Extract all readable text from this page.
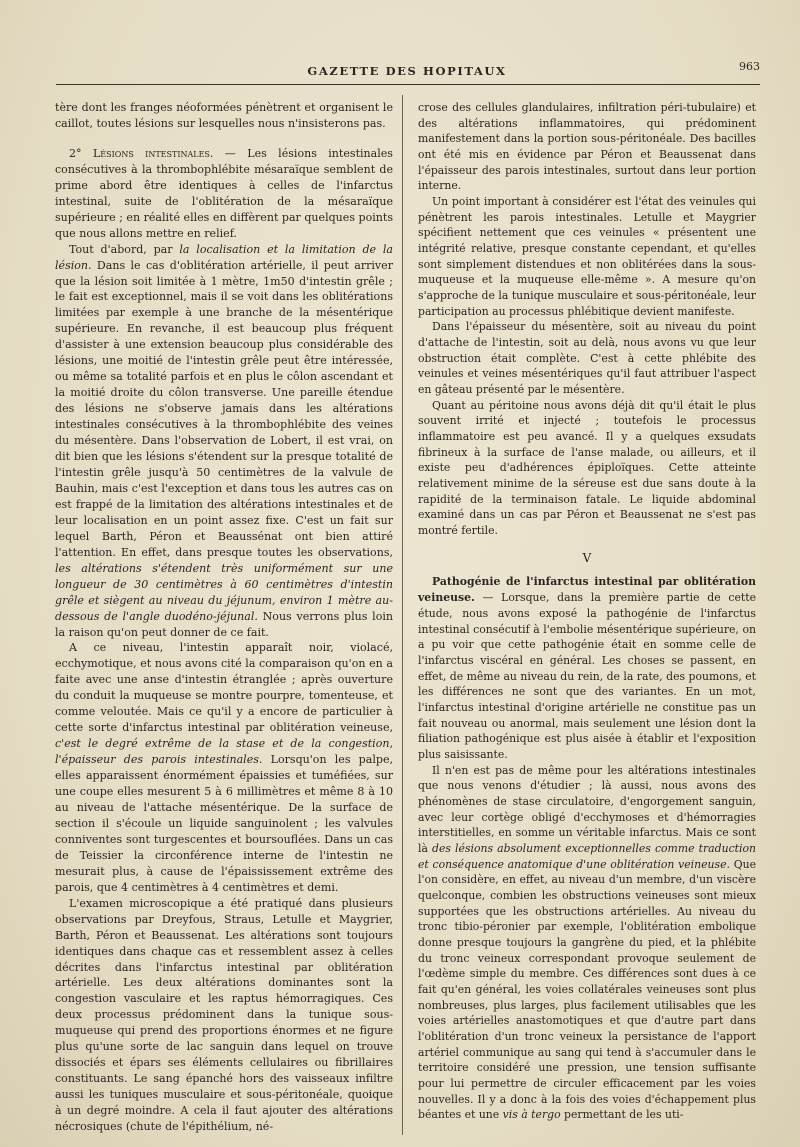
GAZETTE DES HOPITAUX	963

tère dont les franges néoformées pénètrent et organisent le caillot, toutes lésions sur lesquelles nous n'insisterons pas.

2° Lésions intestinales. — Les lésions intestinales consécutives à la thrombophlébite mésaraïque semblent de prime abord être identiques à celles de l'infarctus intestinal, suite de l'oblitération de la mésaraïque supérieure ; en réalité elles en diffèrent par quelques points que nous allons mettre en relief.

Tout d'abord, par la localisation et la limitation de la lésion. Dans le cas d'oblitération artérielle, il peut arriver que la lésion soit limitée à 1 mètre, 1m50 d'intestin grêle ; le fait est exceptionnel, mais il se voit dans les oblitérations limitées par exemple à une branche de la mésentérique supérieure. En revanche, il est beaucoup plus fréquent d'assister à une extension beaucoup plus considérable des lésions, une moitié de l'intestin grêle peut être intéressée, ou même sa totalité parfois et en plus le côlon ascendant et la moitié droite du côlon transverse. Une pareille étendue des lésions ne s'observe jamais dans les altérations intestinales consécutives à la thrombophlébite des veines du mésentère. Dans l'observation de Lobert, il est vrai, on dit bien que les lésions s'étendent sur la presque totalité de l'intestin grêle jusqu'à 50 centimètres de la valvule de Bauhin, mais c'est l'exception et dans tous les autres cas on est frappé de la limitation des altérations intestinales et de leur localisation en un point assez fixe. C'est un fait sur lequel Barth, Péron et Beaussénat ont bien attiré l'attention. En effet, dans presque toutes les observations, les altérations s'étendent très uniformément sur une longueur de 30 centimètres à 60 centimètres d'intestin grêle et siègent au niveau du jéjunum, environ 1 mètre au-dessous de l'angle duodéno-jéjunal. Nous verrons plus loin la raison qu'on peut donner de ce fait.

A ce niveau, l'intestin apparaît noir, violacé, ecchymotique, et nous avons cité la comparaison qu'on en a faite avec une anse d'intestin étranglée ; après ouverture du conduit la muqueuse se montre pourpre, tomenteuse, et comme veloutée. Mais ce qu'il y a encore de particulier à cette sorte d'infarctus intestinal par oblitération veineuse, c'est le degré extrême de la stase et de la congestion, l'épaisseur des parois intestinales. Lorsqu'on les palpe, elles apparaissent énormément épaissies et tuméfiées, sur une coupe elles mesurent 5 à 6 millimètres et même 8 à 10 au niveau de l'attache mésentérique. De la surface de section il s'écoule un liquide sanguinolent ; les valvules conniventes sont turgescentes et boursouflées. Dans un cas de Teissier la circonférence interne de l'intestin ne mesurait plus, à cause de l'épaississement extrême des parois, que 4 centimètres à 4 centimètres et demi.

L'examen microscopique a été pratiqué dans plusieurs observations par Dreyfous, Straus, Letulle et Maygrier, Barth, Péron et Beaussenat. Les altérations sont toujours identiques dans chaque cas et ressemblent assez à celles décrites dans l'infarctus intestinal par oblitération artérielle. Les deux altérations dominantes sont la congestion vasculaire et les raptus hémorragiques. Ces deux processus prédominent dans la tunique sous-muqueuse qui prend des proportions énormes et ne figure plus qu'une sorte de lac sanguin dans lequel on trouve dissociés et épars ses éléments cellulaires ou fibrillaires constituants. Le sang épanché hors des vaisseaux infiltre aussi les tuniques musculaire et sous-péritonéale, quoique à un degré moindre. A cela il faut ajouter des altérations nécrosiques (chute de l'épithélium, né-

crose des cellules glandulaires, infiltration péri-tubulaire) et des altérations inflammatoires, qui prédominent manifestement dans la portion sous-péritonéale. Des bacilles ont été mis en évidence par Péron et Beaussenat dans l'épaisseur des parois intestinales, surtout dans leur portion interne.

Un point important à considérer est l'état des veinules qui pénètrent les parois intestinales. Letulle et Maygrier spécifient nettement que ces veinules « présentent une intégrité relative, presque constante cependant, et qu'elles sont simplement distendues et non oblitérées dans la sous-muqueuse et la muqueuse elle-même ». A mesure qu'on s'approche de la tunique musculaire et sous-péritonéale, leur participation au processus phlébitique devient manifeste.

Dans l'épaisseur du mésentère, soit au niveau du point d'attache de l'intestin, soit au delà, nous avons vu que leur obstruction était complète. C'est à cette phlébite des veinules et veines mésentériques qu'il faut attribuer l'aspect en gâteau présenté par le mésentère.

Quant au péritoine nous avons déjà dit qu'il était le plus souvent irrité et injecté ; toutefois le processus inflammatoire est peu avancé. Il y a quelques exsudats fibrineux à la surface de l'anse malade, ou ailleurs, et il existe peu d'adhérences épiploïques. Cette atteinte relativement minime de la séreuse est due sans doute à la rapidité de la terminaison fatale. Le liquide abdominal examiné dans un cas par Péron et Beaussenat ne s'est pas montré fertile.

V

Pathogénie de l'infarctus intestinal par oblitération veineuse. — Lorsque, dans la première partie de cette étude, nous avons exposé la pathogénie de l'infarctus intestinal consécutif à l'embolie mésentérique supérieure, on a pu voir que cette pathogénie était en somme celle de l'infarctus viscéral en général. Les choses se passent, en effet, de même au niveau du rein, de la rate, des poumons, et les différences ne sont que des variantes. En un mot, l'infarctus intestinal d'origine artérielle ne constitue pas un fait nouveau ou anormal, mais seulement une lésion dont la filiation pathogénique est plus aisée à établir et l'exposition plus saisissante.

Il n'en est pas de même pour les altérations intestinales que nous venons d'étudier ; là aussi, nous avons des phénomènes de stase circulatoire, d'engorgement sanguin, avec leur cortège obligé d'ecchymoses et d'hémorragies interstitielles, en somme un véritable infarctus. Mais ce sont là des lésions absolument exceptionnelles comme traduction et conséquence anatomique d'une oblitération veineuse. Que l'on considère, en effet, au niveau d'un membre, d'un viscère quelconque, combien les obstructions veineuses sont mieux supportées que les obstructions artérielles. Au niveau du tronc tibio-péronier par exemple, l'oblitération embolique donne presque toujours la gangrène du pied, et la phlébite du tronc veineux correspondant provoque seulement de l'œdème simple du membre. Ces différences sont dues à ce fait qu'en général, les voies collatérales veineuses sont plus nombreuses, plus larges, plus facilement utilisables que les voies artérielles anastomotiques et que d'autre part dans l'oblitération d'un tronc veineux la persistance de l'apport artériel communique au sang qui tend à s'accumuler dans le territoire considéré une pression, une tension suffisante pour lui permettre de circuler efficacement par les voies nouvelles. Il y a donc à la fois des voies d'échappement plus béantes et une vis à tergo permettant de les uti-
